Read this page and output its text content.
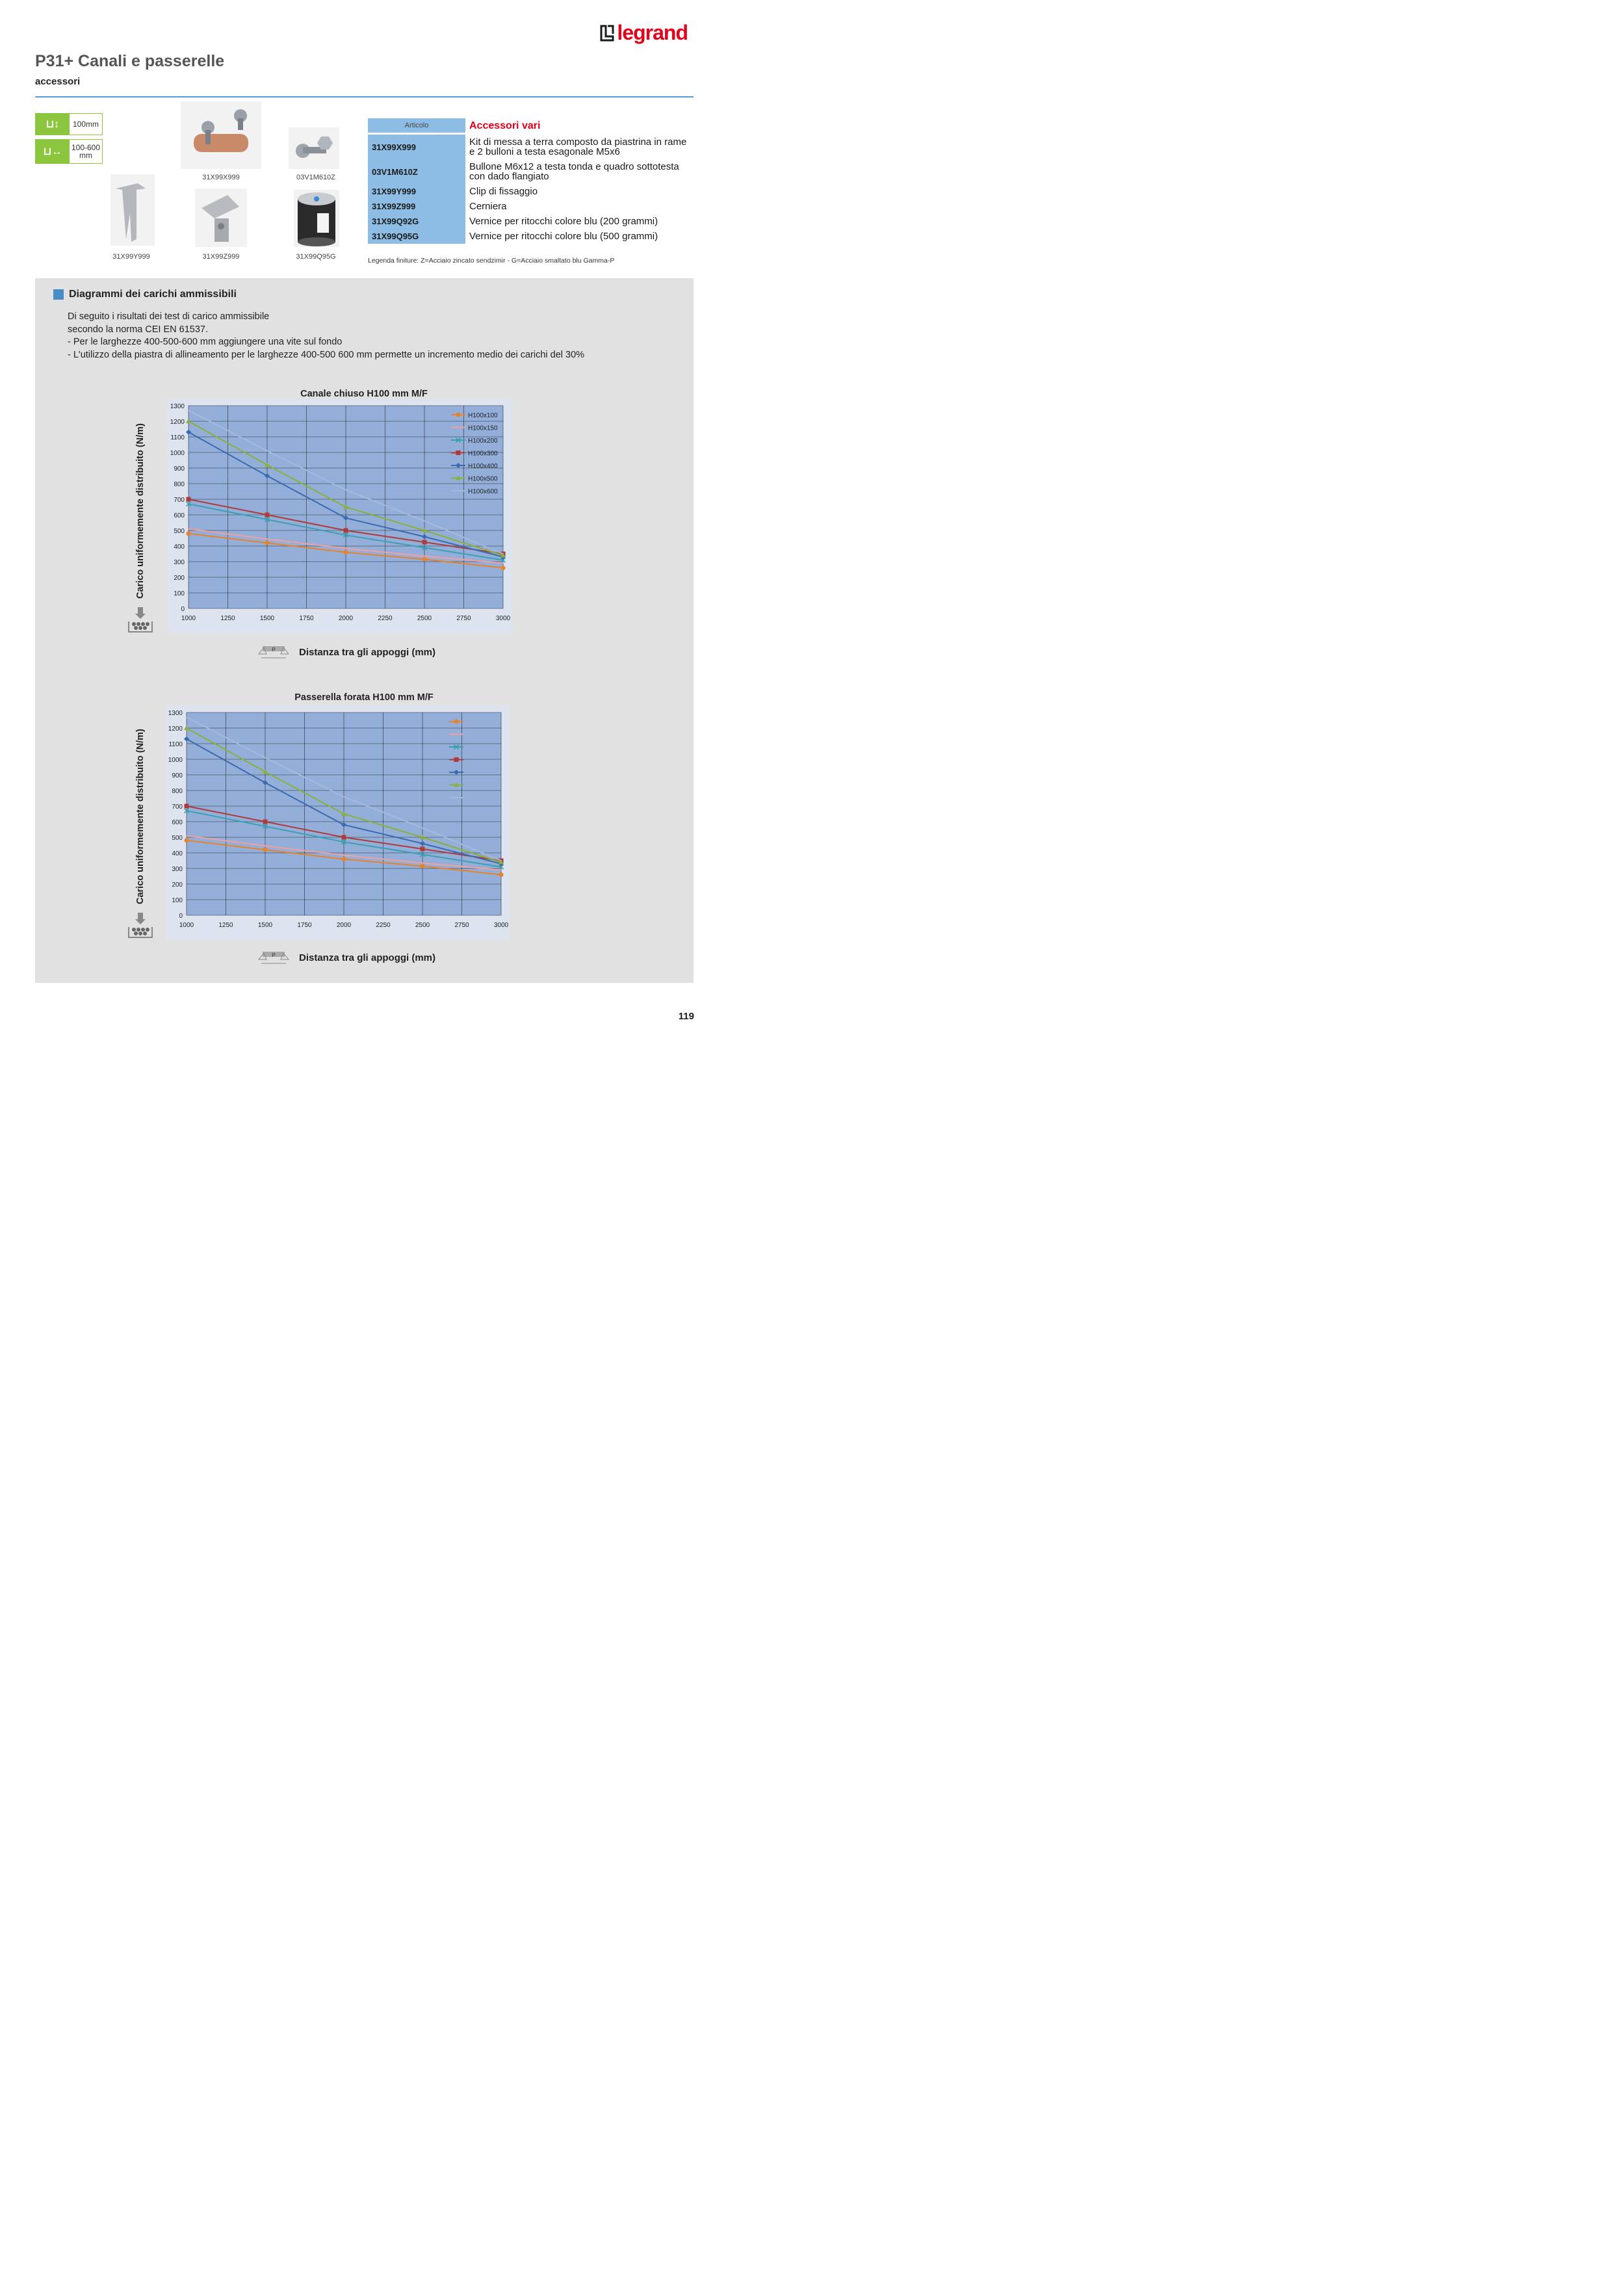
legrand
P31+ Canali e passerelle
accessori
⊔↕	100mm
⊔↔	100-600 mm
31X99X999	03V1M610Z
31X99Y999	31X99Z999	31X99Q95G
Articolo	Accessori vari
31X99X999	Kit di messa a terra composto da piastrina in rame e 2 bulloni a testa esagonale M5x6
03V1M610Z	Bullone M6x12 a testa tonda e quadro sottotesta con dado flangiato
31X99Y999	Clip di fissaggio
31X99Z999	Cerniera
31X99Q92G	Vernice per ritocchi colore blu (200 grammi)
31X99Q95G	Vernice per ritocchi colore blu (500 grammi)
Legenda finiture: Z=Acciaio zincato sendzimir - G=Acciaio smaltato blu Gamma-P
Diagrammi dei carichi ammissibili
Di seguito i risultati dei test di carico ammissibile
secondo la norma CEI EN 61537.
- Per le larghezze 400-500-600 mm aggiungere una vite sul fondo
- L'utilizzo della piastra di allineamento per le larghezze 400-500 600 mm permette un incremento medio dei carichi del 30%
Canale chiuso H100 mm M/F
Carico uniformemente distribuito (N/m)
0
100
200
300
400
500
600
700
800
900
1000
1100
1200
1300
1000	1250	1500	1750	2000	2250	2500	2750	3000
H100x100
H100x150
H100x200
H100x300
H100x400
H100x500
H100x600
P Distanza tra gli appoggi (mm)
Passerella forata H100 mm M/F
Carico uniformemente distribuito (N/m)
0
100
200
300
400
500
600
700
800
900
1000
1100
1200
1300
1000	1250	1500	1750	2000	2250	2500	2750	3000
P Distanza tra gli appoggi (mm)
119
